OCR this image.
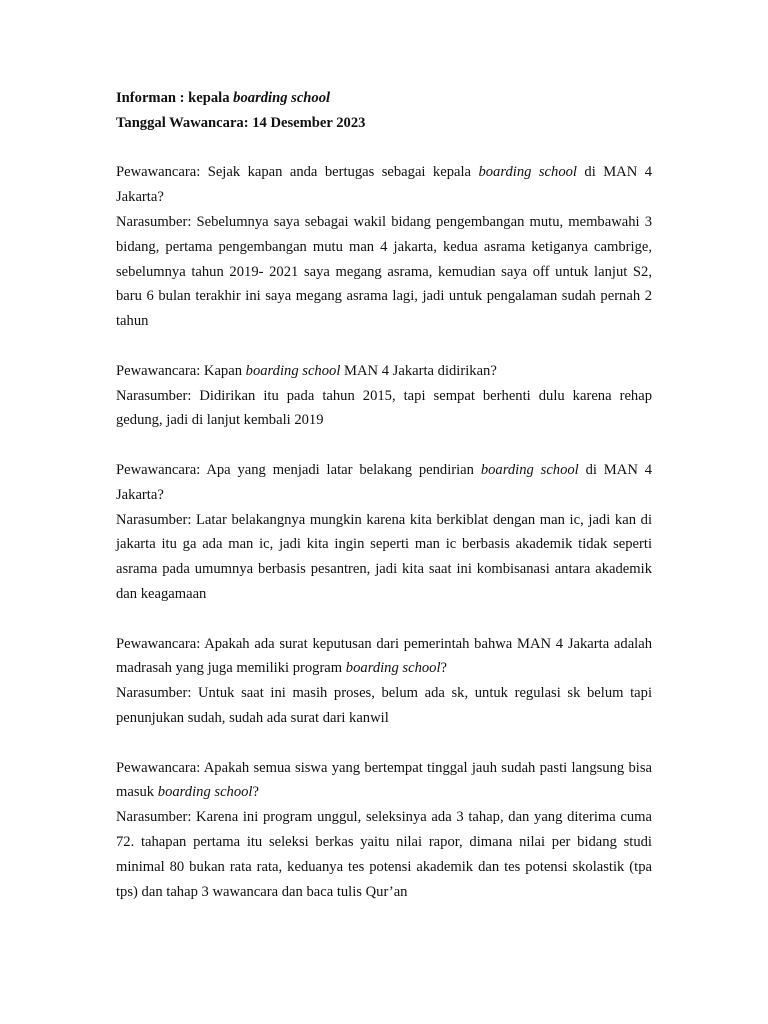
Informan : kepala boarding school

Tanggal Wawancara: 14 Desember 2023

Pewawancara: Sejak kapan anda bertugas sebagai kepala boarding school di MAN 4 Jakarta?

Narasumber: Sebelumnya saya sebagai wakil bidang pengembangan mutu, membawahi 3 bidang, pertama pengembangan mutu man 4 jakarta, kedua asrama ketiganya cambrige, sebelumnya tahun 2019- 2021 saya megang asrama, kemudian saya off untuk lanjut S2, baru 6 bulan terakhir ini saya megang asrama lagi, jadi untuk pengalaman sudah pernah 2 tahun

Pewawancara: Kapan boarding school MAN 4 Jakarta didirikan?

Narasumber: Didirikan itu pada tahun 2015, tapi sempat berhenti dulu karena rehap gedung, jadi di lanjut kembali 2019

Pewawancara: Apa yang menjadi latar belakang pendirian boarding school di MAN 4 Jakarta?

Narasumber: Latar belakangnya mungkin karena kita berkiblat dengan man ic, jadi kan di jakarta itu ga ada man ic, jadi kita ingin seperti man ic berbasis akademik tidak seperti asrama pada umumnya berbasis pesantren, jadi kita saat ini kombisanasi antara akademik dan keagamaan

Pewawancara: Apakah ada surat keputusan dari pemerintah bahwa MAN 4 Jakarta adalah madrasah yang juga memiliki program boarding school?

Narasumber: Untuk saat ini masih proses, belum ada sk, untuk regulasi sk belum tapi penunjukan sudah, sudah ada surat dari kanwil

Pewawancara: Apakah semua siswa yang bertempat tinggal jauh sudah pasti langsung bisa masuk boarding school?

Narasumber: Karena ini program unggul, seleksinya ada 3 tahap, dan yang diterima cuma 72. tahapan pertama itu seleksi berkas yaitu nilai rapor, dimana nilai per bidang studi minimal 80 bukan rata rata, keduanya tes potensi akademik dan tes potensi skolastik (tpa tps) dan tahap 3 wawancara dan baca tulis Qur’an
